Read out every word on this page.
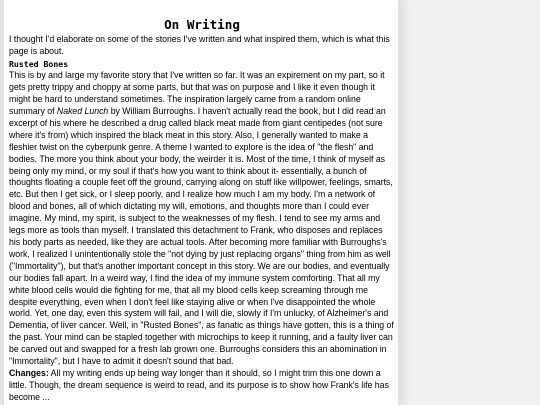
On Writing

I thought I'd elaborate on some of the stories I've written and what inspired them, which is what this page is about.

Rusted Bones

This is by and large my favorite story that I've written so far. It was an expirement on my part, so it gets pretty trippy and choppy at some parts, but that was on purpose and I like it even though it might be hard to understand sometimes. The inspiration largely came from a random online summary of Naked Lunch by William Burroughs. I haven't actually read the book, but I did read an excerpt of his where he described a drug called black meat made from giant centipedes (not sure where it's from) which inspired the black meat in this story. Also, I generally wanted to make a fleshier twist on the cyberpunk genre. A theme I wanted to explore is the idea of "the flesh" and bodies. The more you think about your body, the weirder it is. Most of the time, I think of myself as being only my mind, or my soul if that's how you want to think about it- essentially, a bunch of thoughts floating a couple feet off the ground, carrying along on stuff like willpower, feelings, smarts, etc. But then I get sick, or I sleep poorly, and I realize how much I am my body. I'm a network of blood and bones, all of which dictating my will, emotions, and thoughts more than I could ever imagine. My mind, my spirit, is subject to the weaknesses of my flesh. I tend to see my arms and legs more as tools than myself. I translated this detachment to Frank, who disposes and replaces his body parts as needed, like they are actual tools. After becoming more familiar with Burroughs's work, I realized I unintentionally stole the "not dying by just replacing organs" thing from him as well ("Immortality"), but that's another important concept in this story. We are our bodies, and eventually our bodies fall apart. In a weird way, I find the idea of my immune system comforting. That all my white blood cells would die fighting for me, that all my blood cells keep screaming through me despite everything, even when I don't feel like staying alive or when I've disappointed the whole world. Yet, one day, even this system will fail, and I will die, slowly if I'm unlucky, of Alzheimer's and Dementia, of liver cancer. Well, in "Rusted Bones", as fanatic as things have gotten, this is a thing of the past. Your mind can be stapled together with microchips to keep it running, and a faulty liver can be carved out and swapped for a fresh lab grown one. Burroughs considers this an abomination in "Immortality", but I have to admit it doesn't sound that bad.

Changes: All my writing ends up being way longer than it should, so I might trim this one down a little. Though, the dream sequence is weird to read, and its purpose is to show how Frank's life has become ...
